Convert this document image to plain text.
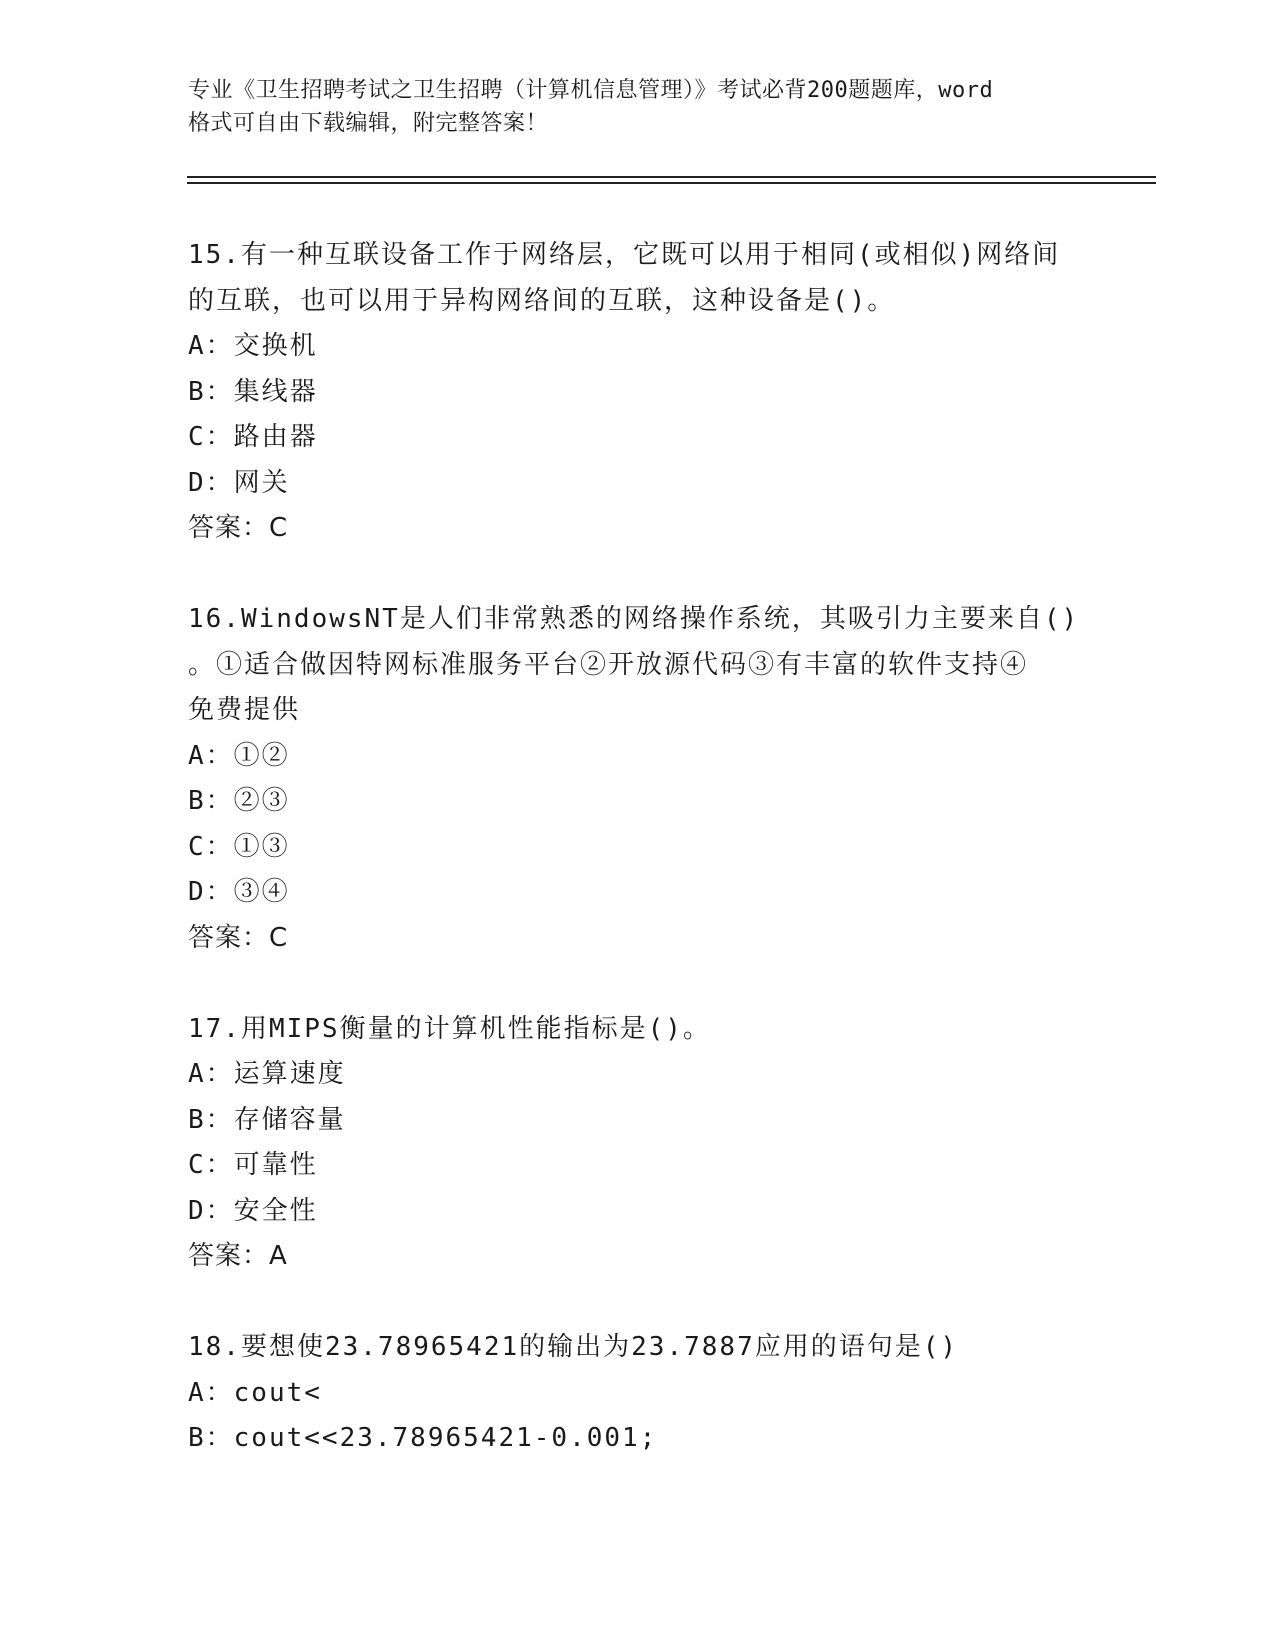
专业《卫生招聘考试之卫生招聘（计算机信息管理）》考试必背200题题库，word
格式可自由下载编辑，附完整答案！
15.有一种互联设备工作于网络层，它既可以用于相同(或相似)网络间
的互联，也可以用于异构网络间的互联，这种设备是()。
A：交换机
B：集线器
C：路由器
D：网关
答案：C
16.WindowsNT是人们非常熟悉的网络操作系统，其吸引力主要来自()
。①适合做因特网标准服务平台②开放源代码③有丰富的软件支持④
免费提供
A：①②
B：②③
C：①③
D：③④
答案：C
17.用MIPS衡量的计算机性能指标是()。
A：运算速度
B：存储容量
C：可靠性
D：安全性
答案：A
18.要想使23.78965421的输出为23.7887应用的语句是()
A：cout<
B：cout<<23.78965421-0.001;
